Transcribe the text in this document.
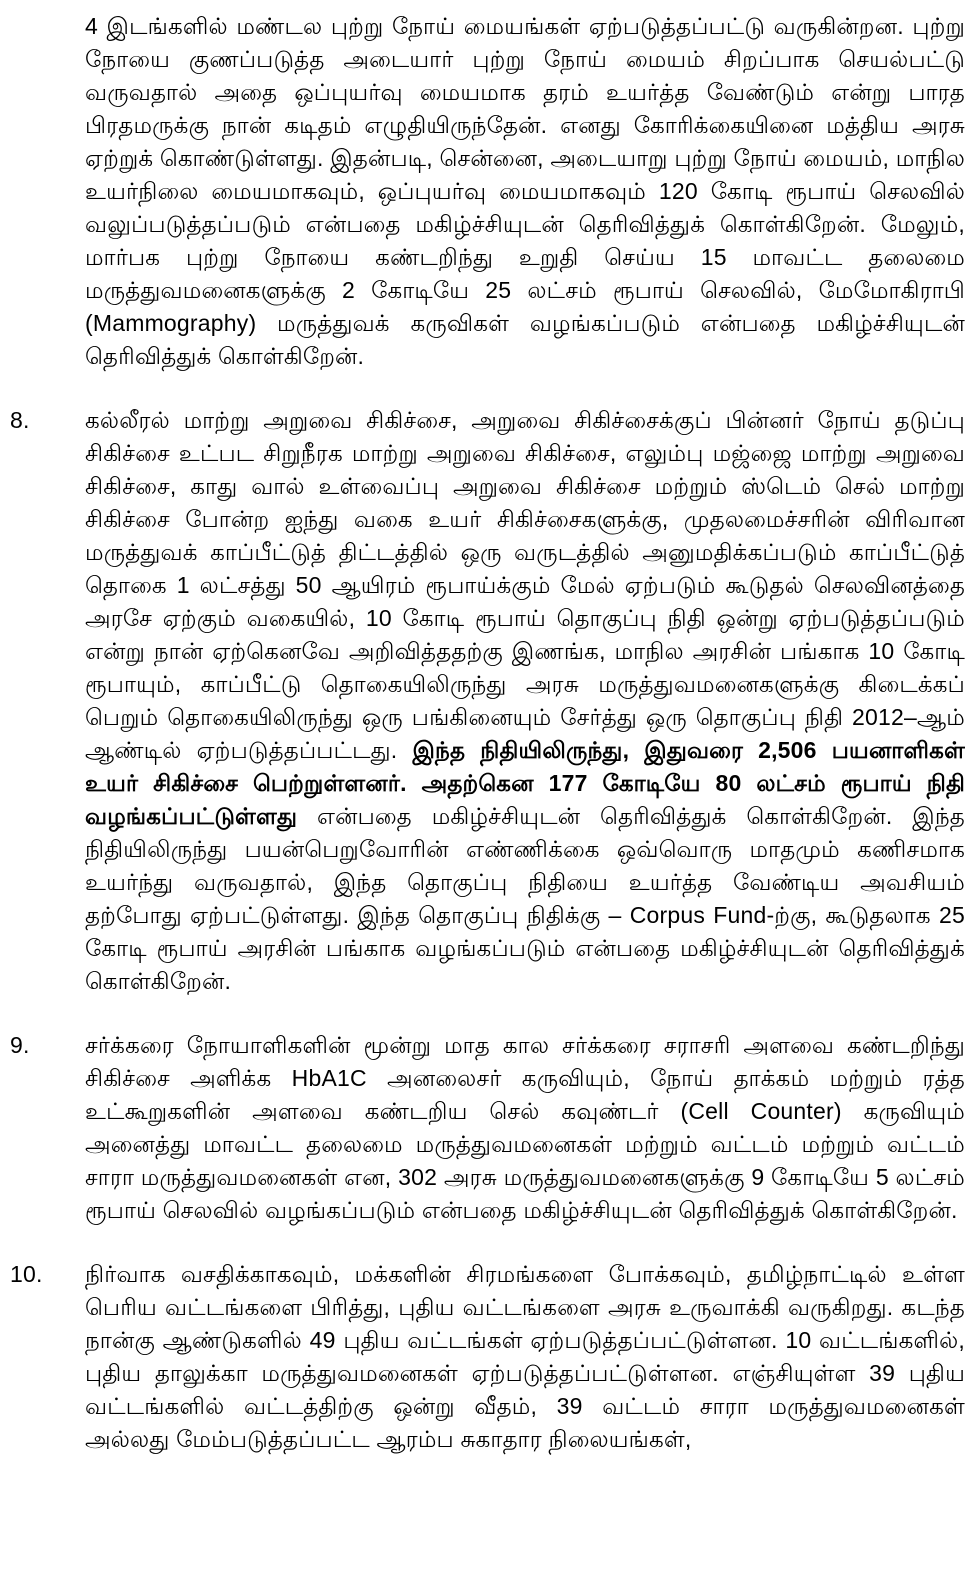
4 இடங்களில் மண்டல புற்று நோய் மையங்கள் ஏற்படுத்தப்பட்டு வருகின்றன. புற்று நோயை குணப்படுத்த அடையார் புற்று நோய் மையம் சிறப்பாக செயல்பட்டு வருவதால் அதை ஒப்புயர்வு மையமாக தரம் உயர்த்த வேண்டும் என்று பாரத பிரதமருக்கு நான் கடிதம் எழுதியிருந்தேன். எனது கோரிக்கையினை மத்திய அரசு ஏற்றுக் கொண்டுள்ளது. இதன்படி, சென்னை, அடையாறு புற்று நோய் மையம், மாநில உயர்நிலை மையமாகவும், ஒப்புயர்வு மையமாகவும் 120 கோடி ரூபாய் செலவில் வலுப்படுத்தப்படும் என்பதை மகிழ்ச்சியுடன் தெரிவித்துக் கொள்கிறேன். மேலும், மார்பக புற்று நோயை கண்டறிந்து உறுதி செய்ய 15 மாவட்ட தலைமை மருத்துவமனைகளுக்கு 2 கோடியே 25 லட்சம் ரூபாய் செலவில், மேமோகிராபி (Mammography) மருத்துவக் கருவிகள் வழங்கப்படும் என்பதை மகிழ்ச்சியுடன் தெரிவித்துக் கொள்கிறேன்.
8.	கல்லீரல் மாற்று அறுவை சிகிச்சை, அறுவை சிகிச்சைக்குப் பின்னர் நோய் தடுப்பு சிகிச்சை உட்பட சிறுநீரக மாற்று அறுவை சிகிச்சை, எலும்பு மஜ்ஜை மாற்று அறுவை சிகிச்சை, காது வால் உள்வைப்பு அறுவை சிகிச்சை மற்றும் ஸ்டெம் செல் மாற்று சிகிச்சை போன்ற ஐந்து வகை உயர் சிகிச்சைகளுக்கு, முதலமைச்சரின் விரிவான மருத்துவக் காப்பீட்டுத் திட்டத்தில் ஒரு வருடத்தில் அனுமதிக்கப்படும் காப்பீட்டுத் தொகை 1 லட்சத்து 50 ஆயிரம் ரூபாய்க்கும் மேல் ஏற்படும் கூடுதல் செலவினத்தை அரசே ஏற்கும் வகையில், 10 கோடி ரூபாய் தொகுப்பு நிதி ஒன்று ஏற்படுத்தப்படும் என்று நான் ஏற்கெனவே அறிவித்ததற்கு இணங்க, மாநில அரசின் பங்காக 10 கோடி ரூபாயும், காப்பீட்டு தொகையிலிருந்து அரசு மருத்துவமனைகளுக்கு கிடைக்கப் பெறும் தொகையிலிருந்து ஒரு பங்கினையும் சேர்த்து ஒரு தொகுப்பு நிதி 2012–ஆம் ஆண்டில் ஏற்படுத்தப்பட்டது. இந்த நிதியிலிருந்து, இதுவரை 2,506 பயனாளிகள் உயர் சிகிச்சை பெற்றுள்ளனர். அதற்கென 177 கோடியே 80 லட்சம் ரூபாய் நிதி வழங்கப்பட்டுள்ளது என்பதை மகிழ்ச்சியுடன் தெரிவித்துக் கொள்கிறேன். இந்த நிதியிலிருந்து பயன்பெறுவோரின் எண்ணிக்கை ஒவ்வொரு மாதமும் கணிசமாக உயர்ந்து வருவதால், இந்த தொகுப்பு நிதியை உயர்த்த வேண்டிய அவசியம் தற்போது ஏற்பட்டுள்ளது. இந்த தொகுப்பு நிதிக்கு – Corpus Fund-ற்கு, கூடுதலாக 25 கோடி ரூபாய் அரசின் பங்காக வழங்கப்படும் என்பதை மகிழ்ச்சியுடன் தெரிவித்துக் கொள்கிறேன்.
9.	சர்க்கரை நோயாளிகளின் மூன்று மாத கால சர்க்கரை சராசரி அளவை கண்டறிந்து சிகிச்சை அளிக்க HbA1C அனலைசர் கருவியும், நோய் தாக்கம் மற்றும் ரத்த உட்கூறுகளின் அளவை கண்டறிய செல் கவுண்டர் (Cell Counter) கருவியும் அனைத்து மாவட்ட தலைமை மருத்துவமனைகள் மற்றும் வட்டம் மற்றும் வட்டம் சாரா மருத்துவமனைகள் என, 302 அரசு மருத்துவமனைகளுக்கு 9 கோடியே 5 லட்சம் ரூபாய் செலவில் வழங்கப்படும் என்பதை மகிழ்ச்சியுடன் தெரிவித்துக் கொள்கிறேன்.
10.	நிர்வாக வசதிக்காகவும், மக்களின் சிரமங்களை போக்கவும், தமிழ்நாட்டில் உள்ள பெரிய வட்டங்களை பிரித்து, புதிய வட்டங்களை அரசு உருவாக்கி வருகிறது. கடந்த நான்கு ஆண்டுகளில் 49 புதிய வட்டங்கள் ஏற்படுத்தப்பட்டுள்ளன. 10 வட்டங்களில், புதிய தாலுக்கா மருத்துவமனைகள் ஏற்படுத்தப்பட்டுள்ளன. எஞ்சியுள்ள 39 புதிய வட்டங்களில் வட்டத்திற்கு ஒன்று வீதம், 39 வட்டம் சாரா மருத்துவமனைகள் அல்லது மேம்படுத்தப்பட்ட ஆரம்ப சுகாதார நிலையங்கள்,
